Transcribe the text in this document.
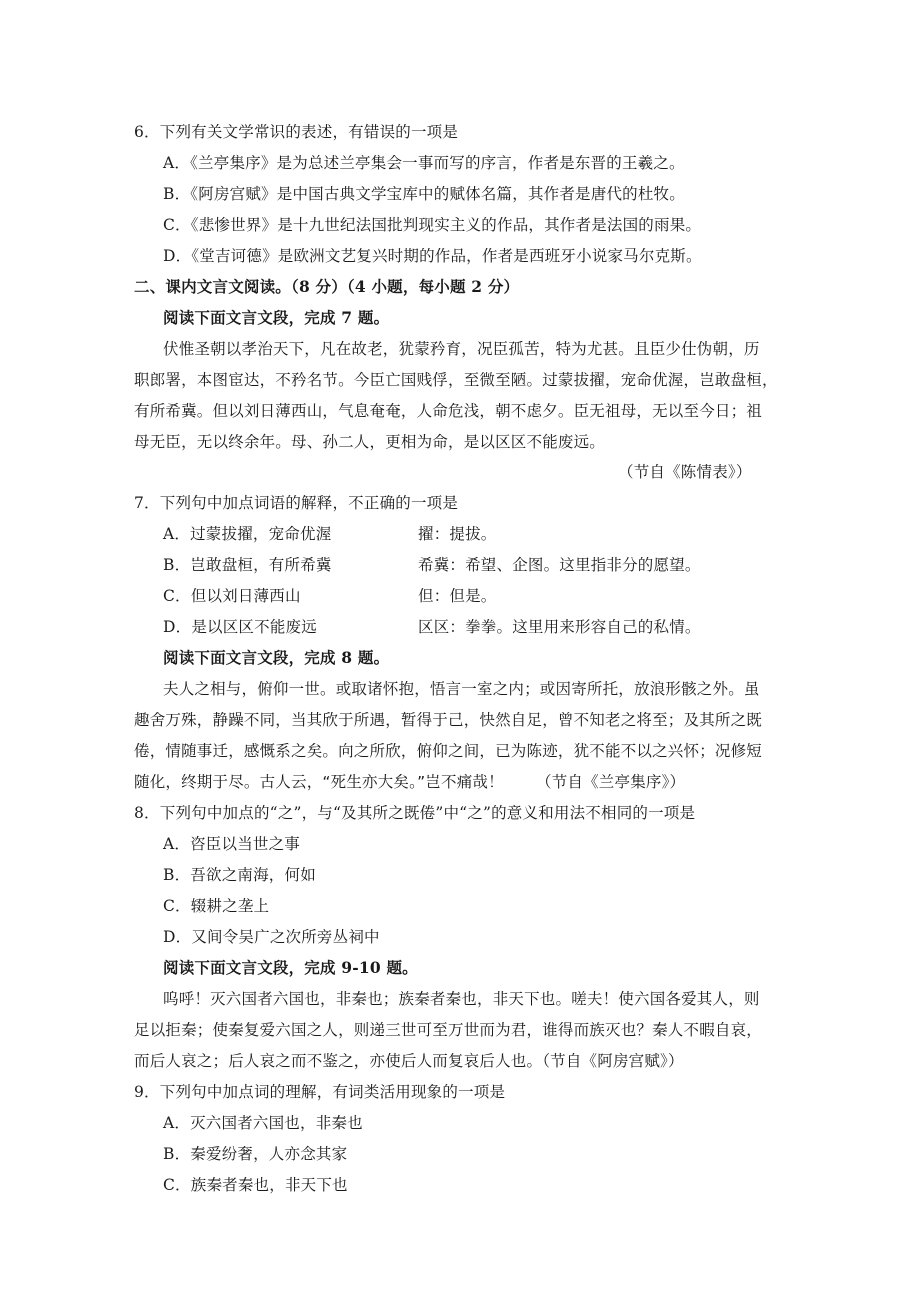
6．下列有关文学常识的表述，有错误的一项是
A．《兰亭集序》是为总述兰亭集会一事而写的序言，作者是东晋的王羲之。
B．《阿房宫赋》是中国古典文学宝库中的赋体名篇，其作者是唐代的杜牧。
C．《悲惨世界》是十九世纪法国批判现实主义的作品，其作者是法国的雨果。
D．《堂吉诃德》是欧洲文艺复兴时期的作品，作者是西班牙小说家马尔克斯。
二、课内文言文阅读。（8 分）（4 小题，每小题 2 分）
阅读下面文言文段，完成 7 题。
伏惟圣朝以孝治天下，凡在故老，犹蒙矜育，况臣孤苦，特为尤甚。且臣少仕伪朝，历
职郎署，本图宦达，不矜名节。今臣亡国贱俘，至微至陋。过蒙拔擢，宠命优渥，岂敢盘桓，
有所希冀。但以刘日薄西山，气息奄奄，人命危浅，朝不虑夕。臣无祖母，无以至今日；祖
母无臣，无以终余年。母、孙二人，更相为命，是以区区不能废远。
（节自《陈情表》）
7．下列句中加点词语的解释，不正确的一项是
A．过蒙拔擢，宠命优渥	擢：提拔。
B．岂敢盘桓，有所希冀	希冀：希望、企图。这里指非分的愿望。
C．但以刘日薄西山	但：但是。
D．是以区区不能废远	区区：拳拳。这里用来形容自己的私情。
阅读下面文言文段，完成 8 题。
夫人之相与，俯仰一世。或取诸怀抱，悟言一室之内；或因寄所托，放浪形骸之外。虽
趣舍万殊，静躁不同，当其欣于所遇，暂得于己，快然自足，曾不知老之将至；及其所之既
倦，情随事迁，感慨系之矣。向之所欣，俯仰之间，已为陈迹，犹不能不以之兴怀；况修短
随化，终期于尽。古人云，“死生亦大矣。”岂不痛哉！ （节自《兰亭集序》）
8．下列句中加点的“之”，与“及其所之既倦”中“之”的意义和用法不相同的一项是
A．咨臣以当世之事
B．吾欲之南海，何如
C．辍耕之垄上
D．又间令吴广之次所旁丛祠中
阅读下面文言文段，完成 9-10 题。
呜呼！灭六国者六国也，非秦也；族秦者秦也，非天下也。嗟夫！使六国各爱其人，则
足以拒秦；使秦复爱六国之人，则递三世可至万世而为君，谁得而族灭也？秦人不暇自哀，
而后人哀之；后人哀之而不鉴之，亦使后人而复哀后人也。（节自《阿房宫赋》）
9．下列句中加点词的理解，有词类活用现象的一项是
A．灭六国者六国也，非秦也
B．秦爱纷奢，人亦念其家
C．族秦者秦也，非天下也
